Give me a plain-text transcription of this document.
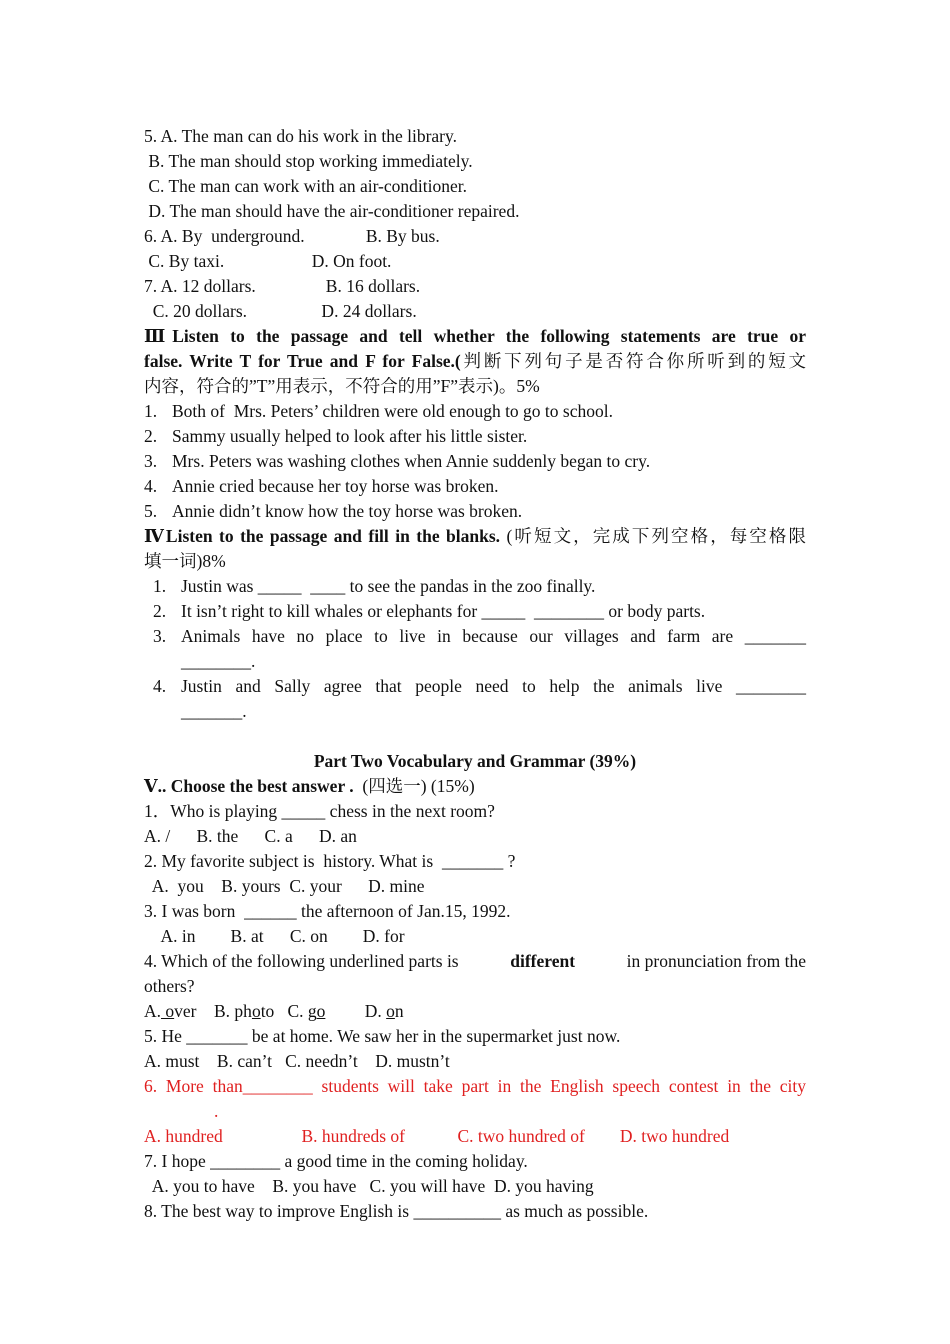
5. A. The man can do his work in the library.
B. The man should stop working immediately.
C. The man can work with an air-conditioner.
D. The man should have the air-conditioner repaired.
6. A. By  underground.              B. By bus.
C. By taxi.                    D. On foot.
7. A. 12 dollars.                B. 16 dollars.
C. 20 dollars.                 D. 24 dollars.
ⅢListen to the passage and tell whether the following statements are true or
false. Write T for True and F for False.(判断下列句子是否符合你所听到的短文
内容，符合的”T”用表示，不符合的用”F”表示)。5%
1. Both of  Mrs. Peters’ children were old enough to go to school.
2. Sammy usually helped to look after his little sister.
3. Mrs. Peters was washing clothes when Annie suddenly began to cry.
4. Annie cried because her toy horse was broken.
5. Annie didn’t know how the toy horse was broken.
ⅣListen to the passage and fill in the blanks. (听短文，完成下列空格，每空格限
填一词)8%
1. Justin was _____  ____ to see the pandas in the zoo finally.
2. It isn’t right to kill whales or elephants for _____  ________ or body parts.
3. Animals have no place to live in because our villages and farm are _______
________.
4. Justin and Sally agree that people need to help the animals live ________
_______.
Part Two Vocabulary and Grammar (39%)
Ⅴ.. Choose the best answer .  (四选一) (15%)
1．Who is playing _____ chess in the next room?
A. /      B. the      C. a      D. an
2. My favorite subject is  history. What is  _______ ?
A.  you    B. yours  C. your      D. mine
3. I was born  ______ the afternoon of Jan.15, 1992.
A. in        B. at      C. on        D. for
4. Which of the following underlined parts is	different	in pronunciation from the
others?
A. over    B. photo   C. go D. on
5. He _______ be at home. We saw her in the supermarket just now.
A. must    B. can’t   C. needn’t    D. mustn’t
6. More than________ students will take part in the English speech contest in the city
.
A. hundred                  B. hundreds of            C. two hundred of        D. two hundred
7. I hope ________ a good time in the coming holiday.
A. you to have    B. you have   C. you will have  D. you having
8. The best way to improve English is __________ as much as possible.
